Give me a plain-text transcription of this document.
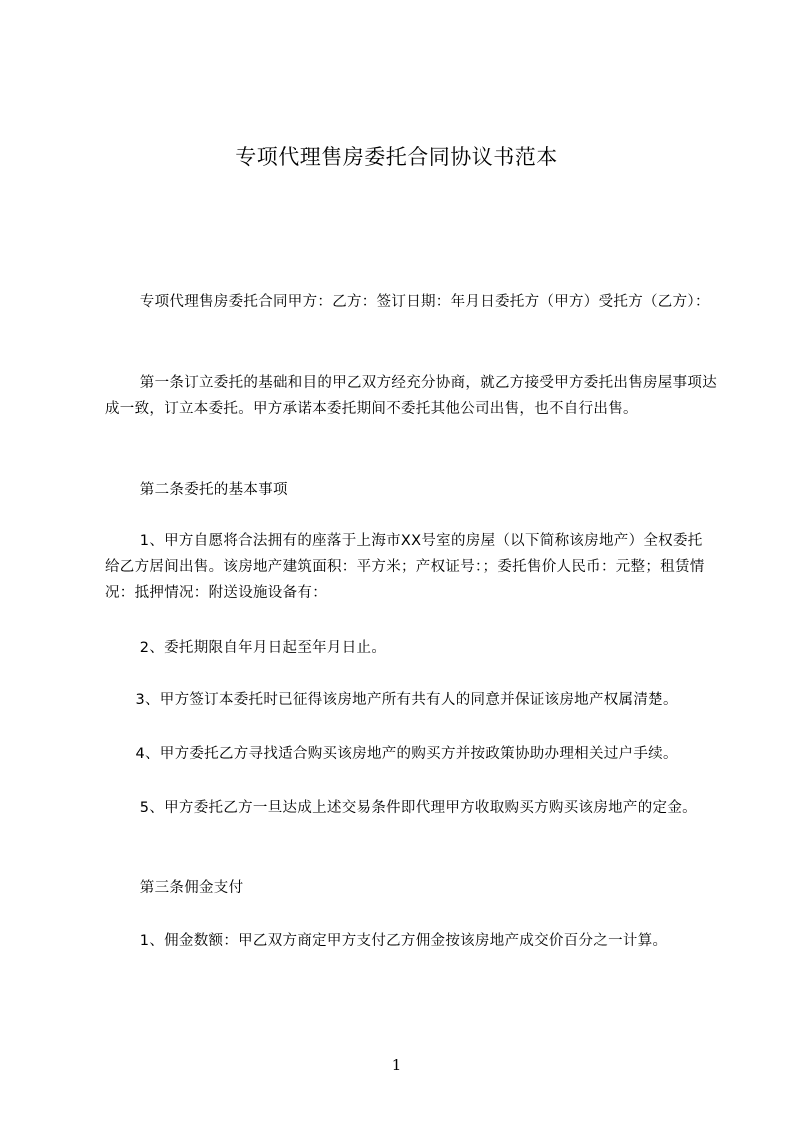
专项代理售房委托合同协议书范本

专项代理售房委托合同甲方：乙方：签订日期：年月日委托方（甲方）受托方（乙方）：

第一条订立委托的基础和目的甲乙双方经充分协商，就乙方接受甲方委托出售房屋事项达成一致，订立本委托。甲方承诺本委托期间不委托其他公司出售，也不自行出售。

第二条委托的基本事项

1、甲方自愿将合法拥有的座落于上海市XX号室的房屋（以下简称该房地产）全权委托给乙方居间出售。该房地产建筑面积：平方米；产权证号：；委托售价人民币：元整；租赁情况：抵押情况：附送设施设备有：

2、委托期限自年月日起至年月日止。

3、甲方签订本委托时已征得该房地产所有共有人的同意并保证该房地产权属清楚。

4、甲方委托乙方寻找适合购买该房地产的购买方并按政策协助办理相关过户手续。

5、甲方委托乙方一旦达成上述交易条件即代理甲方收取购买方购买该房地产的定金。

第三条佣金支付

1、佣金数额：甲乙双方商定甲方支付乙方佣金按该房地产成交价百分之一计算。

1
